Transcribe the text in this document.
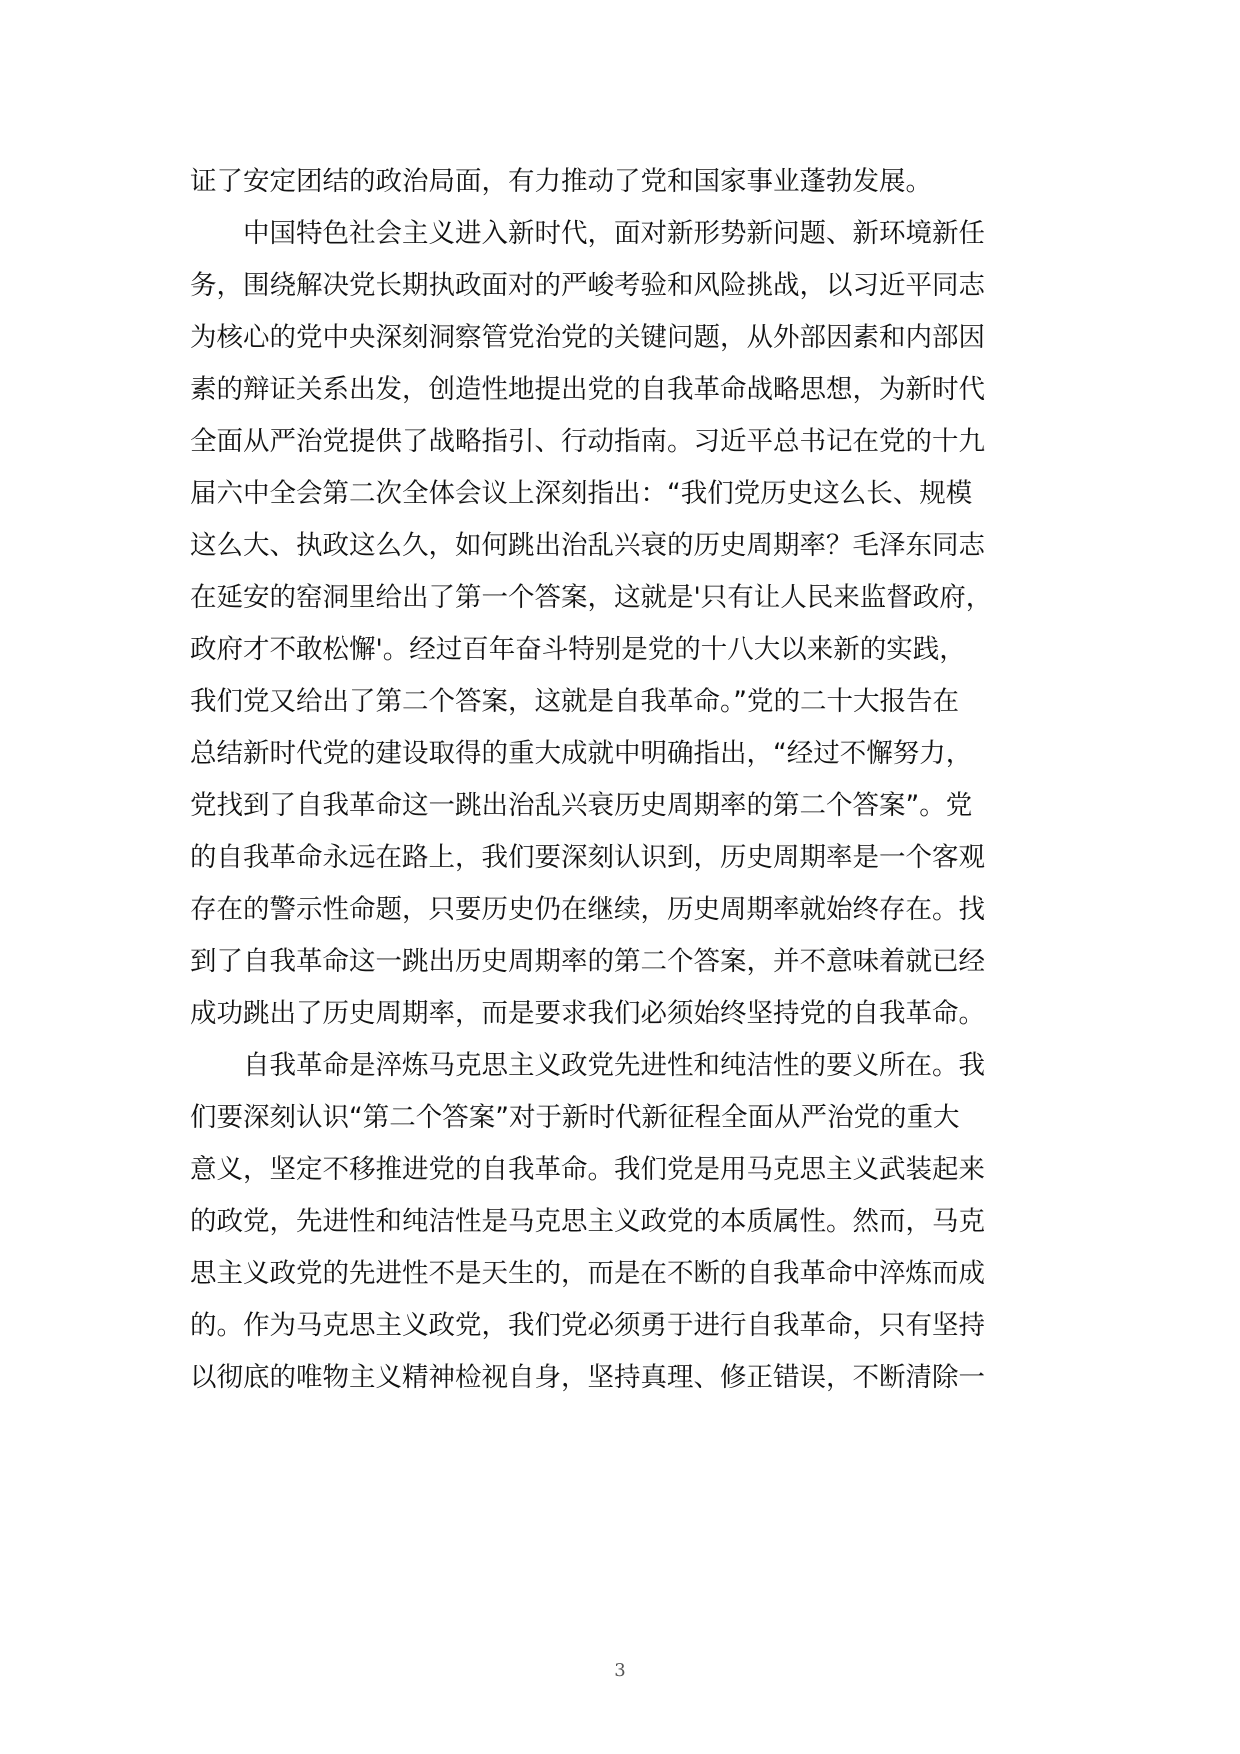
证了安定团结的政治局面，有力推动了党和国家事业蓬勃发展。
　　中国特色社会主义进入新时代，面对新形势新问题、新环境新任
务，围绕解决党长期执政面对的严峻考验和风险挑战，以习近平同志
为核心的党中央深刻洞察管党治党的关键问题，从外部因素和内部因
素的辩证关系出发，创造性地提出党的自我革命战略思想，为新时代
全面从严治党提供了战略指引、行动指南。习近平总书记在党的十九
届六中全会第二次全体会议上深刻指出：“我们党历史这么长、规模
这么大、执政这么久，如何跳出治乱兴衰的历史周期率？毛泽东同志
在延安的窑洞里给出了第一个答案，这就是'只有让人民来监督政府，
政府才不敢松懈'。经过百年奋斗特别是党的十八大以来新的实践，
我们党又给出了第二个答案，这就是自我革命。”党的二十大报告在
总结新时代党的建设取得的重大成就中明确指出，“经过不懈努力，
党找到了自我革命这一跳出治乱兴衰历史周期率的第二个答案”。党
的自我革命永远在路上，我们要深刻认识到，历史周期率是一个客观
存在的警示性命题，只要历史仍在继续，历史周期率就始终存在。找
到了自我革命这一跳出历史周期率的第二个答案，并不意味着就已经
成功跳出了历史周期率，而是要求我们必须始终坚持党的自我革命。
　　自我革命是淬炼马克思主义政党先进性和纯洁性的要义所在。我
们要深刻认识“第二个答案”对于新时代新征程全面从严治党的重大
意义，坚定不移推进党的自我革命。我们党是用马克思主义武装起来
的政党，先进性和纯洁性是马克思主义政党的本质属性。然而，马克
思主义政党的先进性不是天生的，而是在不断的自我革命中淬炼而成
的。作为马克思主义政党，我们党必须勇于进行自我革命，只有坚持
以彻底的唯物主义精神检视自身，坚持真理、修正错误，不断清除一
3
